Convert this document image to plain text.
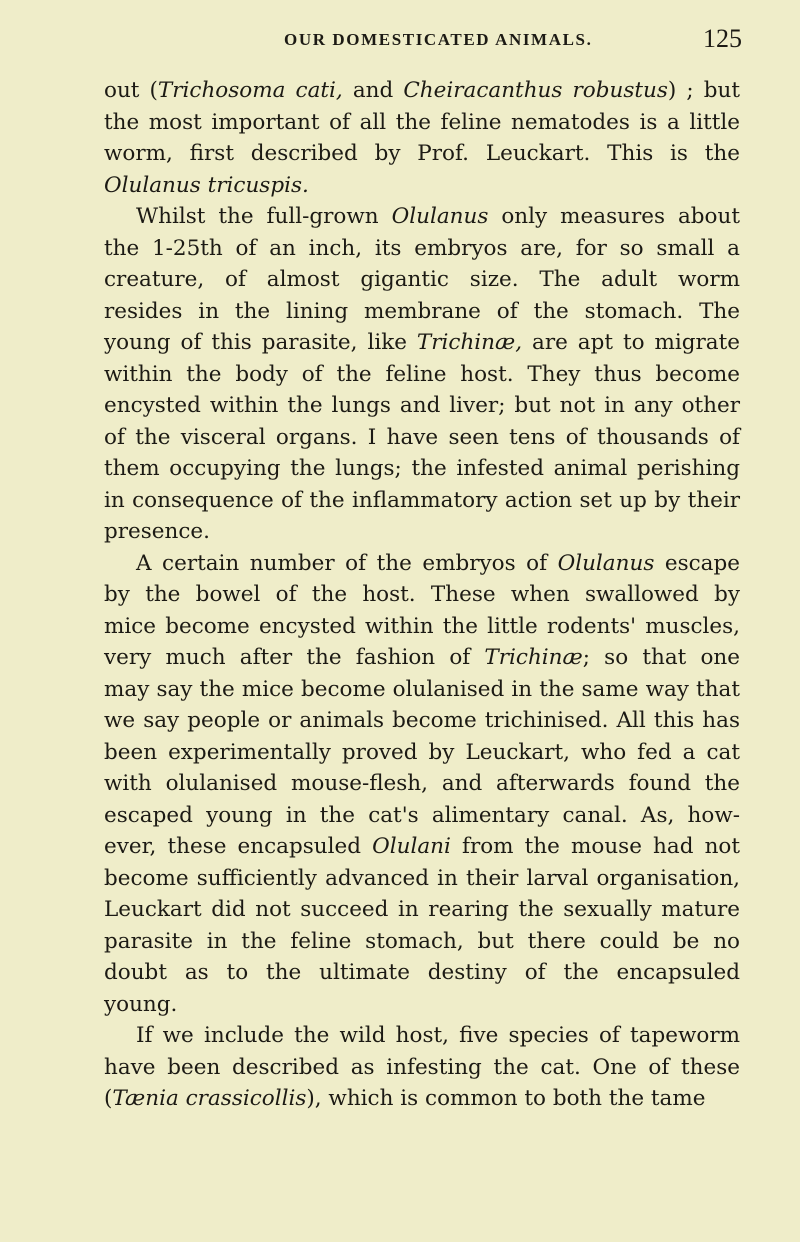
OUR DOMESTICATED ANIMALS.	125
out (Trichosoma cati, and Cheiracanthus robustus) ; but
the most important of all the feline nematodes is a little
worm, first described by Prof. Leuckart. This is the
Olulanus tricuspis.
Whilst the full-grown Olulanus only measures about
the 1-25th of an inch, its embryos are, for so small a
creature, of almost gigantic size. The adult worm
resides in the lining membrane of the stomach. The
young of this parasite, like Trichinæ, are apt to migrate
within the body of the feline host. They thus become
encysted within the lungs and liver; but not in any other
of the visceral organs. I have seen tens of thousands of
them occupying the lungs; the infested animal perishing
in consequence of the inflammatory action set up by their
presence.
A certain number of the embryos of Olulanus escape
by the bowel of the host. These when swallowed by
mice become encysted within the little rodents' muscles,
very much after the fashion of Trichinæ; so that one
may say the mice become olulanised in the same way that
we say people or animals become trichinised. All this has
been experimentally proved by Leuckart, who fed a cat
with olulanised mouse-flesh, and afterwards found the
escaped young in the cat's alimentary canal. As, how-
ever, these encapsuled Olulani from the mouse had not
become sufficiently advanced in their larval organisation,
Leuckart did not succeed in rearing the sexually mature
parasite in the feline stomach, but there could be no
doubt as to the ultimate destiny of the encapsuled
young.
If we include the wild host, five species of tapeworm
have been described as infesting the cat. One of these
(Tænia crassicollis), which is common to both the tame
